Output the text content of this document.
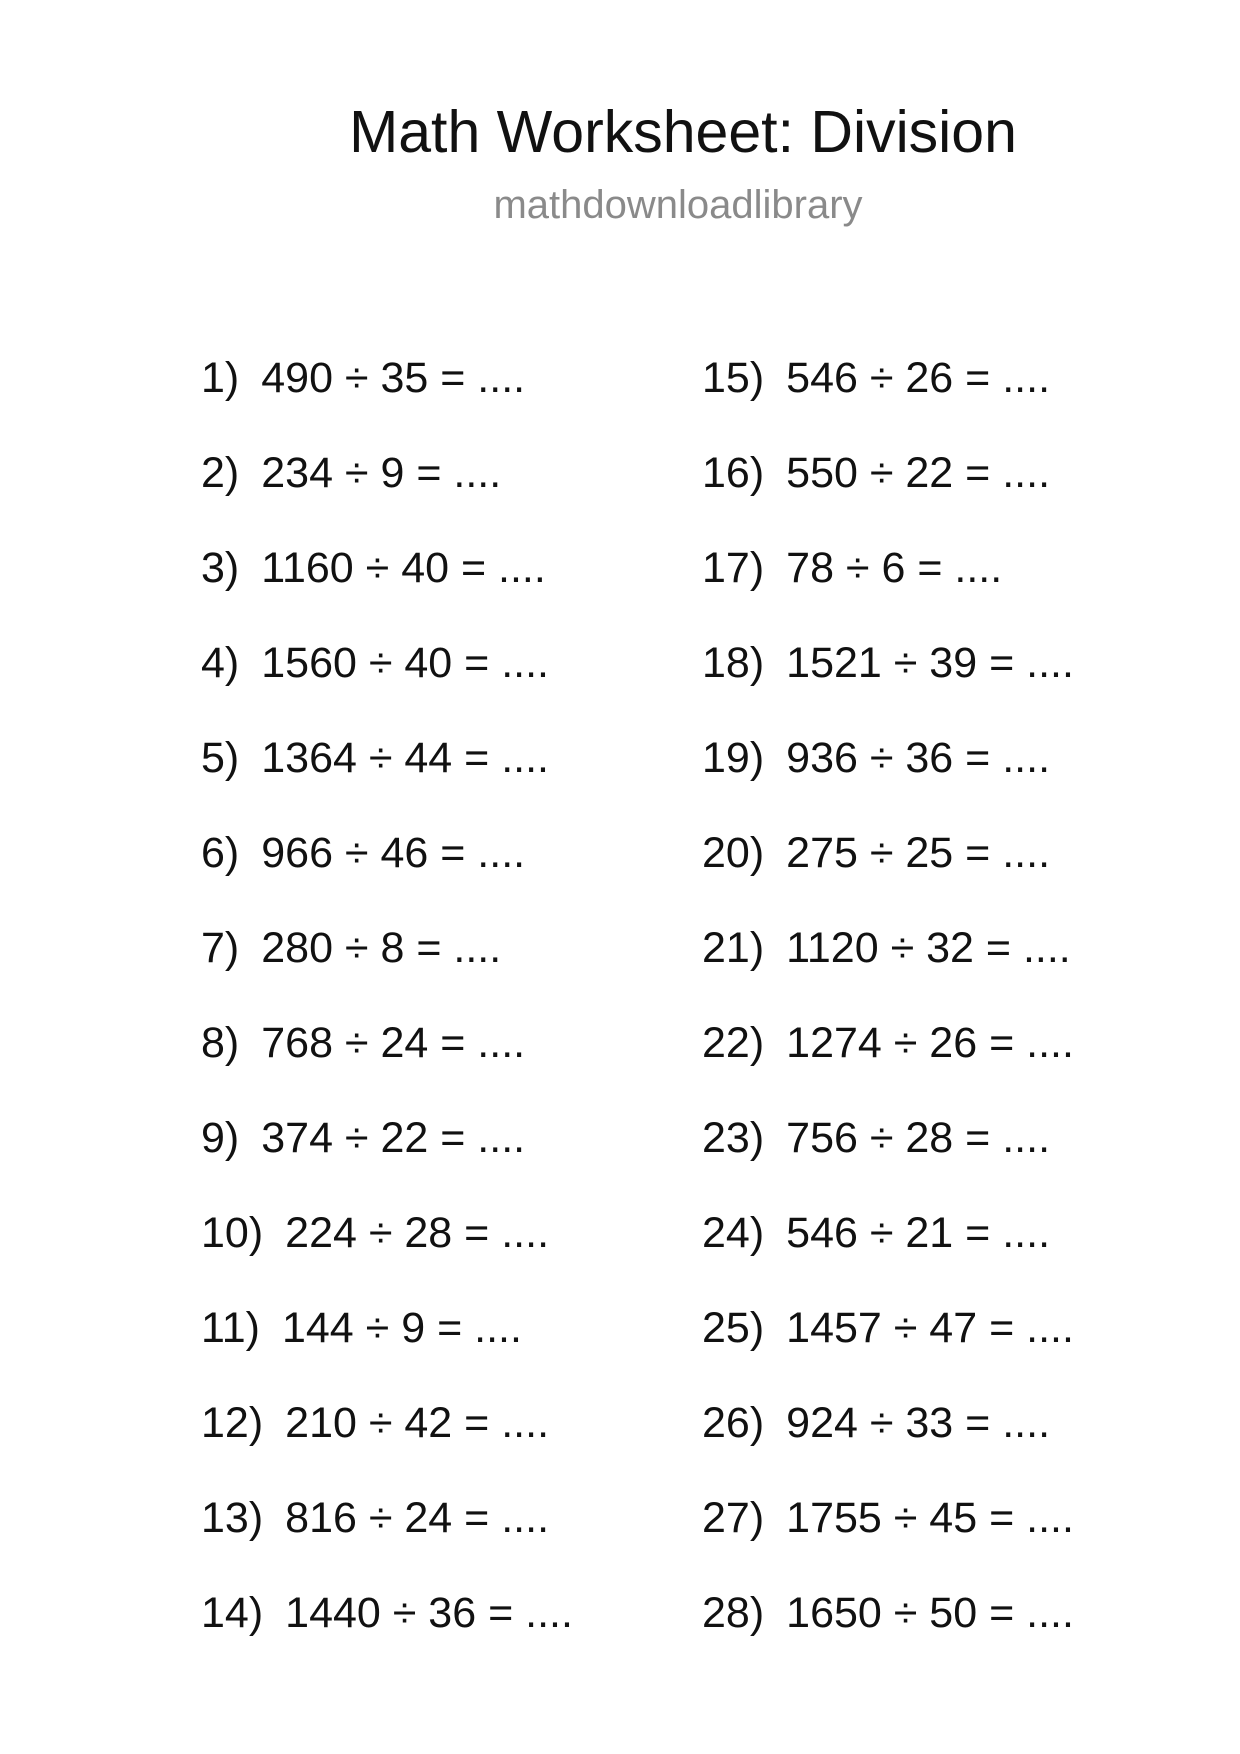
Math Worksheet: Division
mathdownloadlibrary
1) 490 ÷ 35 = ....
2) 234 ÷ 9 = ....
3) 1160 ÷ 40 = ....
4) 1560 ÷ 40 = ....
5) 1364 ÷ 44 = ....
6) 966 ÷ 46 = ....
7) 280 ÷ 8 = ....
8) 768 ÷ 24 = ....
9) 374 ÷ 22 = ....
10) 224 ÷ 28 = ....
11) 144 ÷ 9 = ....
12) 210 ÷ 42 = ....
13) 816 ÷ 24 = ....
14) 1440 ÷ 36 = ....
15) 546 ÷ 26 = ....
16) 550 ÷ 22 = ....
17) 78 ÷ 6 = ....
18) 1521 ÷ 39 = ....
19) 936 ÷ 36 = ....
20) 275 ÷ 25 = ....
21) 1120 ÷ 32 = ....
22) 1274 ÷ 26 = ....
23) 756 ÷ 28 = ....
24) 546 ÷ 21 = ....
25) 1457 ÷ 47 = ....
26) 924 ÷ 33 = ....
27) 1755 ÷ 45 = ....
28) 1650 ÷ 50 = ....
